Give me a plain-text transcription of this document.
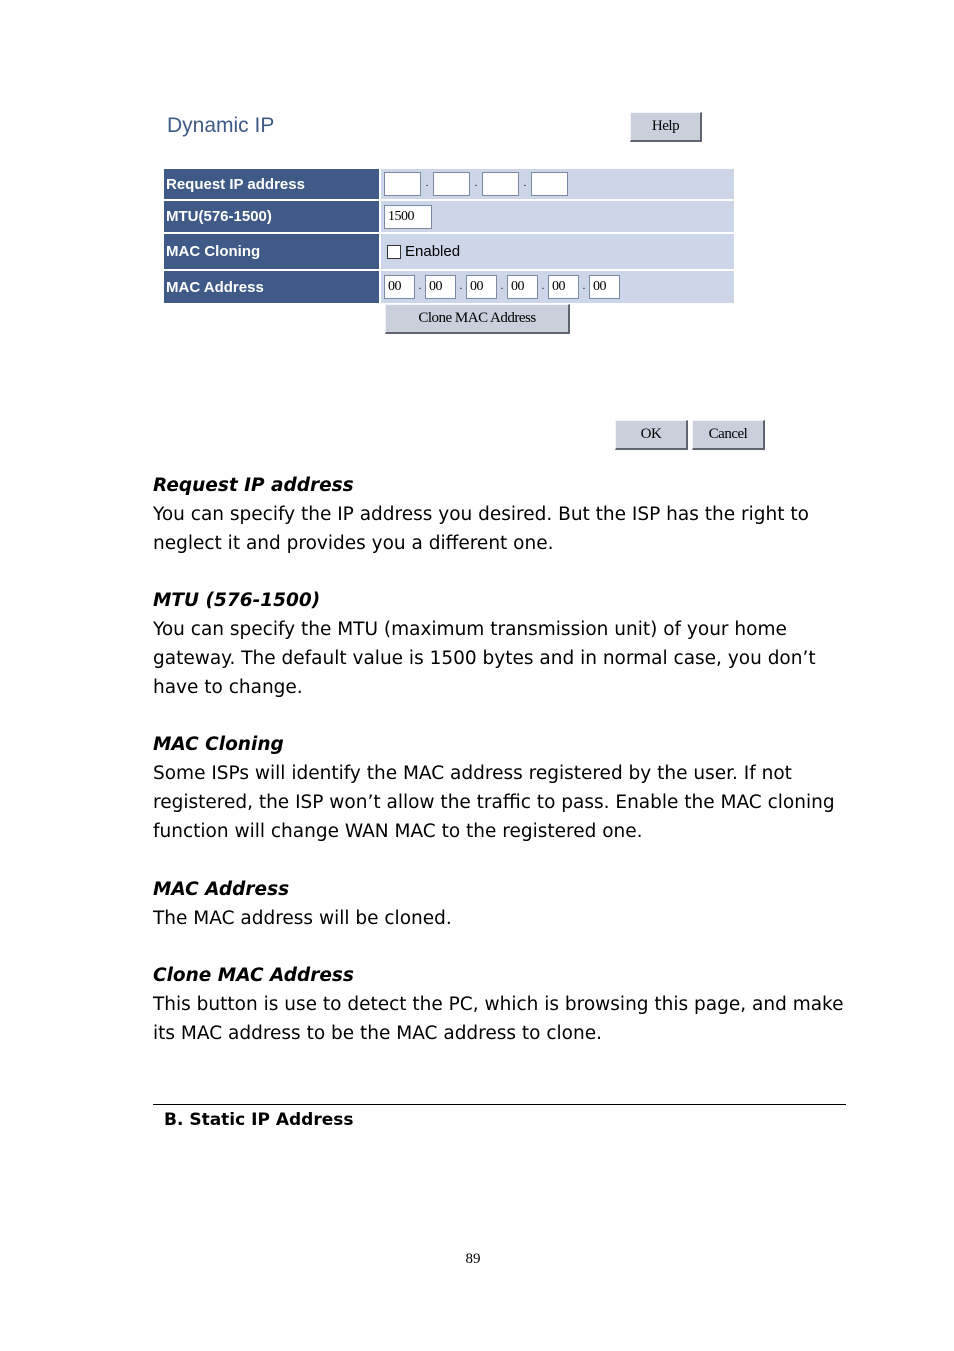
Dynamic IP	Help
Request IP address	.	.	.
MTU(576-1500)	1500
MAC Cloning	Enabled
MAC Address	00	. 00	. 00	. 00	. 00	. 00
Clone MAC Address
OK	Cancel
Request IP address

You can specify the IP address you desired. But the ISP has the right to neglect it and provides you a different one.

MTU (576-1500)

You can specify the MTU (maximum transmission unit) of your home gateway. The default value is 1500 bytes and in normal case, you don’t have to change.

MAC Cloning

Some ISPs will identify the MAC address registered by the user. If not registered, the ISP won’t allow the traffic to pass. Enable the MAC cloning function will change WAN MAC to the registered one.

MAC Address

The MAC address will be cloned.

Clone MAC Address

This button is use to detect the PC, which is browsing this page, and make its MAC address to be the MAC address to clone.

B. Static IP Address
89
